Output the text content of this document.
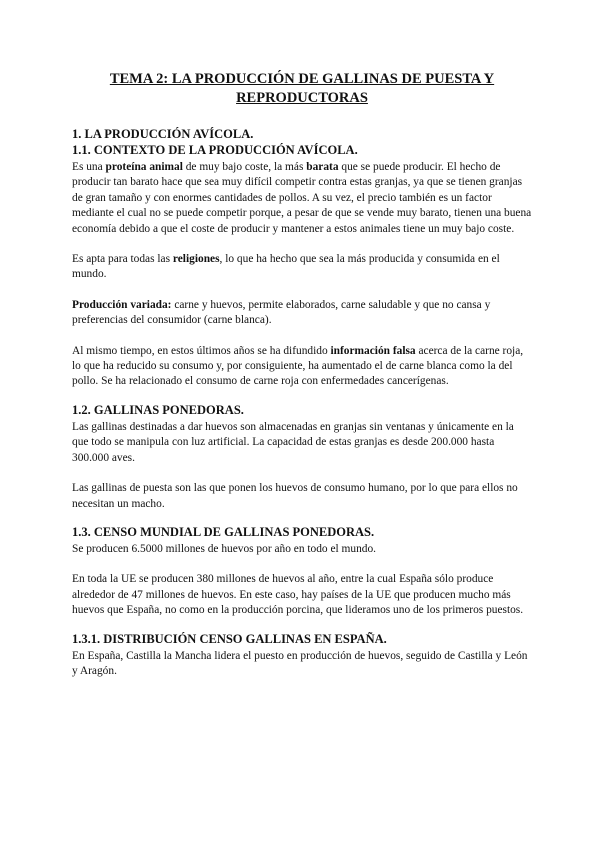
TEMA 2: LA PRODUCCIÓN DE GALLINAS DE PUESTA Y
REPRODUCTORAS
1. LA PRODUCCIÓN AVÍCOLA.
1.1. CONTEXTO DE LA PRODUCCIÓN AVÍCOLA.

Es una proteína animal de muy bajo coste, la más barata que se puede producir. El hecho de producir tan barato hace que sea muy difícil competir contra estas granjas, ya que se tienen granjas de gran tamaño y con enormes cantidades de pollos. A su vez, el precio también es un factor mediante el cual no se puede competir porque, a pesar de que se vende muy barato, tienen una buena economía debido a que el coste de producir y mantener a estos animales tiene un muy bajo coste.

Es apta para todas las religiones, lo que ha hecho que sea la más producida y consumida en el mundo.

Producción variada: carne y huevos, permite elaborados, carne saludable y que no cansa y preferencias del consumidor (carne blanca).

Al mismo tiempo, en estos últimos años se ha difundido información falsa acerca de la carne roja, lo que ha reducido su consumo y, por consiguiente, ha aumentado el de carne blanca como la del pollo. Se ha relacionado el consumo de carne roja con enfermedades cancerígenas.

1.2. GALLINAS PONEDORAS.

Las gallinas destinadas a dar huevos son almacenadas en granjas sin ventanas y únicamente en la que todo se manipula con luz artificial. La capacidad de estas granjas es desde 200.000 hasta 300.000 aves.

Las gallinas de puesta son las que ponen los huevos de consumo humano, por lo que para ellos no necesitan un macho.

1.3. CENSO MUNDIAL DE GALLINAS PONEDORAS.

Se producen 6.5000 millones de huevos por año en todo el mundo.

En toda la UE se producen 380 millones de huevos al año, entre la cual España sólo produce alrededor de 47 millones de huevos. En este caso, hay países de la UE que producen mucho más huevos que España, no como en la producción porcina, que lideramos uno de los primeros puestos.

1.3.1. DISTRIBUCIÓN CENSO GALLINAS EN ESPAÑA.

En España, Castilla la Mancha lidera el puesto en producción de huevos, seguido de Castilla y León y Aragón.
